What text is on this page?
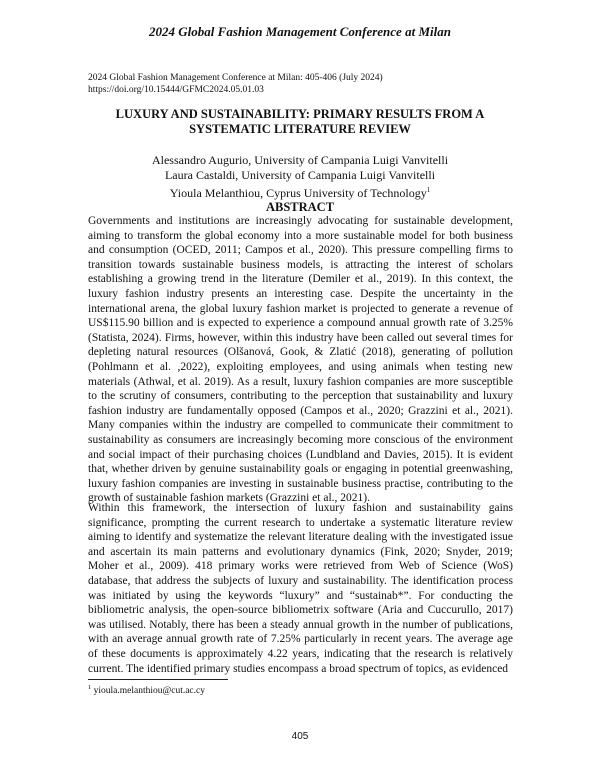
2024 Global Fashion Management Conference at Milan
2024 Global Fashion Management Conference at Milan: 405-406 (July 2024)
https://doi.org/10.15444/GFMC2024.05.01.03
LUXURY AND SUSTAINABILITY: PRIMARY RESULTS FROM A
SYSTEMATIC LITERATURE REVIEW
Alessandro Augurio, University of Campania Luigi Vanvitelli
Laura Castaldi, University of Campania Luigi Vanvitelli
Yioula Melanthiou, Cyprus University of Technology$^1$
ABSTRACT
Governments and institutions are increasingly advocating for sustainable development, aiming to transform the global economy into a more sustainable model for both business and consumption (OCED, 2011; Campos et al., 2020). This pressure compelling firms to transition towards sustainable business models, is attracting the interest of scholars establishing a growing trend in the literature (Demiler et al., 2019). In this context, the luxury fashion industry presents an interesting case. Despite the uncertainty in the international arena, the global luxury fashion market is projected to generate a revenue of US$115.90 billion and is expected to experience a compound annual growth rate of 3.25% (Statista, 2024). Firms, however, within this industry have been called out several times for depleting natural resources (Olšanová, Gook, & Zlatić (2018), generating of pollution (Pohlmann et al. ,2022), exploiting employees, and using animals when testing new materials (Athwal, et al. 2019). As a result, luxury fashion companies are more susceptible to the scrutiny of consumers, contributing to the perception that sustainability and luxury fashion industry are fundamentally opposed (Campos et al., 2020; Grazzini et al., 2021). Many companies within the industry are compelled to communicate their commitment to sustainability as consumers are increasingly becoming more conscious of the environment and social impact of their purchasing choices (Lundbland and Davies, 2015). It is evident that, whether driven by genuine sustainability goals or engaging in potential greenwashing, luxury fashion companies are investing in sustainable business practise, contributing to the growth of sustainable fashion markets (Grazzini et al., 2021).
Within this framework, the intersection of luxury fashion and sustainability gains significance, prompting the current research to undertake a systematic literature review aiming to identify and systematize the relevant literature dealing with the investigated issue and ascertain its main patterns and evolutionary dynamics (Fink, 2020; Snyder, 2019; Moher et al., 2009). 418 primary works were retrieved from Web of Science (WoS) database, that address the subjects of luxury and sustainability. The identification process was initiated by using the keywords “luxury” and “sustainab*”. For conducting the bibliometric analysis, the open-source bibliometrix software (Aria and Cuccurullo, 2017) was utilised. Notably, there has been a steady annual growth in the number of publications, with an average annual growth rate of 7.25% particularly in recent years. The average age of these documents is approximately 4.22 years, indicating that the research is relatively current. The identified primary studies encompass a broad spectrum of topics, as evidenced
$^1$ yioula.melanthiou@cut.ac.cy
405
